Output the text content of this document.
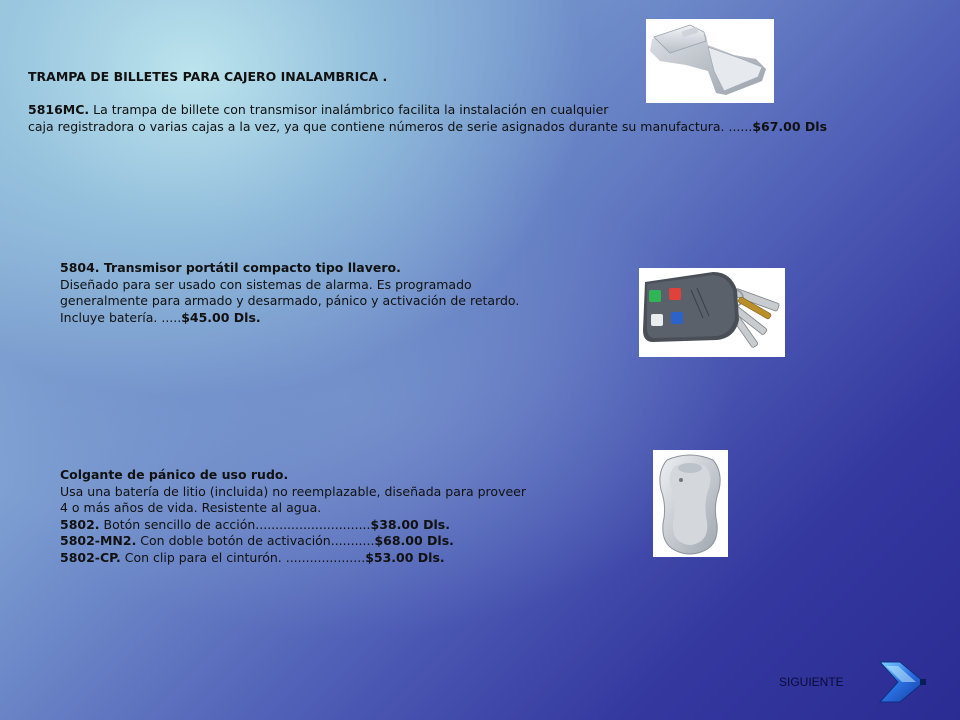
TRAMPA DE BILLETES PARA CAJERO INALAMBRICA .

5816MC. La trampa de billete con transmisor inalámbrico facilita la instalación en cualquier
caja registradora o varias cajas a la vez, ya que contiene números de serie asignados durante su manufactura. ......$67.00 Dls
5804. Transmisor portátil compacto tipo llavero.
Diseñado para ser usado con sistemas de alarma. Es programado
generalmente para armado y desarmado, pánico y activación de retardo.
Incluye batería. .....$45.00 Dls.
Colgante de pánico de uso rudo.
Usa una batería de litio (incluida) no reemplazable, diseñada para proveer
4 o más años de vida. Resistente al agua.
5802. Botón sencillo de acción.............................$38.00 Dls.
5802-MN2. Con doble botón de activación...........$68.00 Dls.
5802-CP. Con clip para el cinturón. ....................$53.00 Dls.
SIGUIENTE
